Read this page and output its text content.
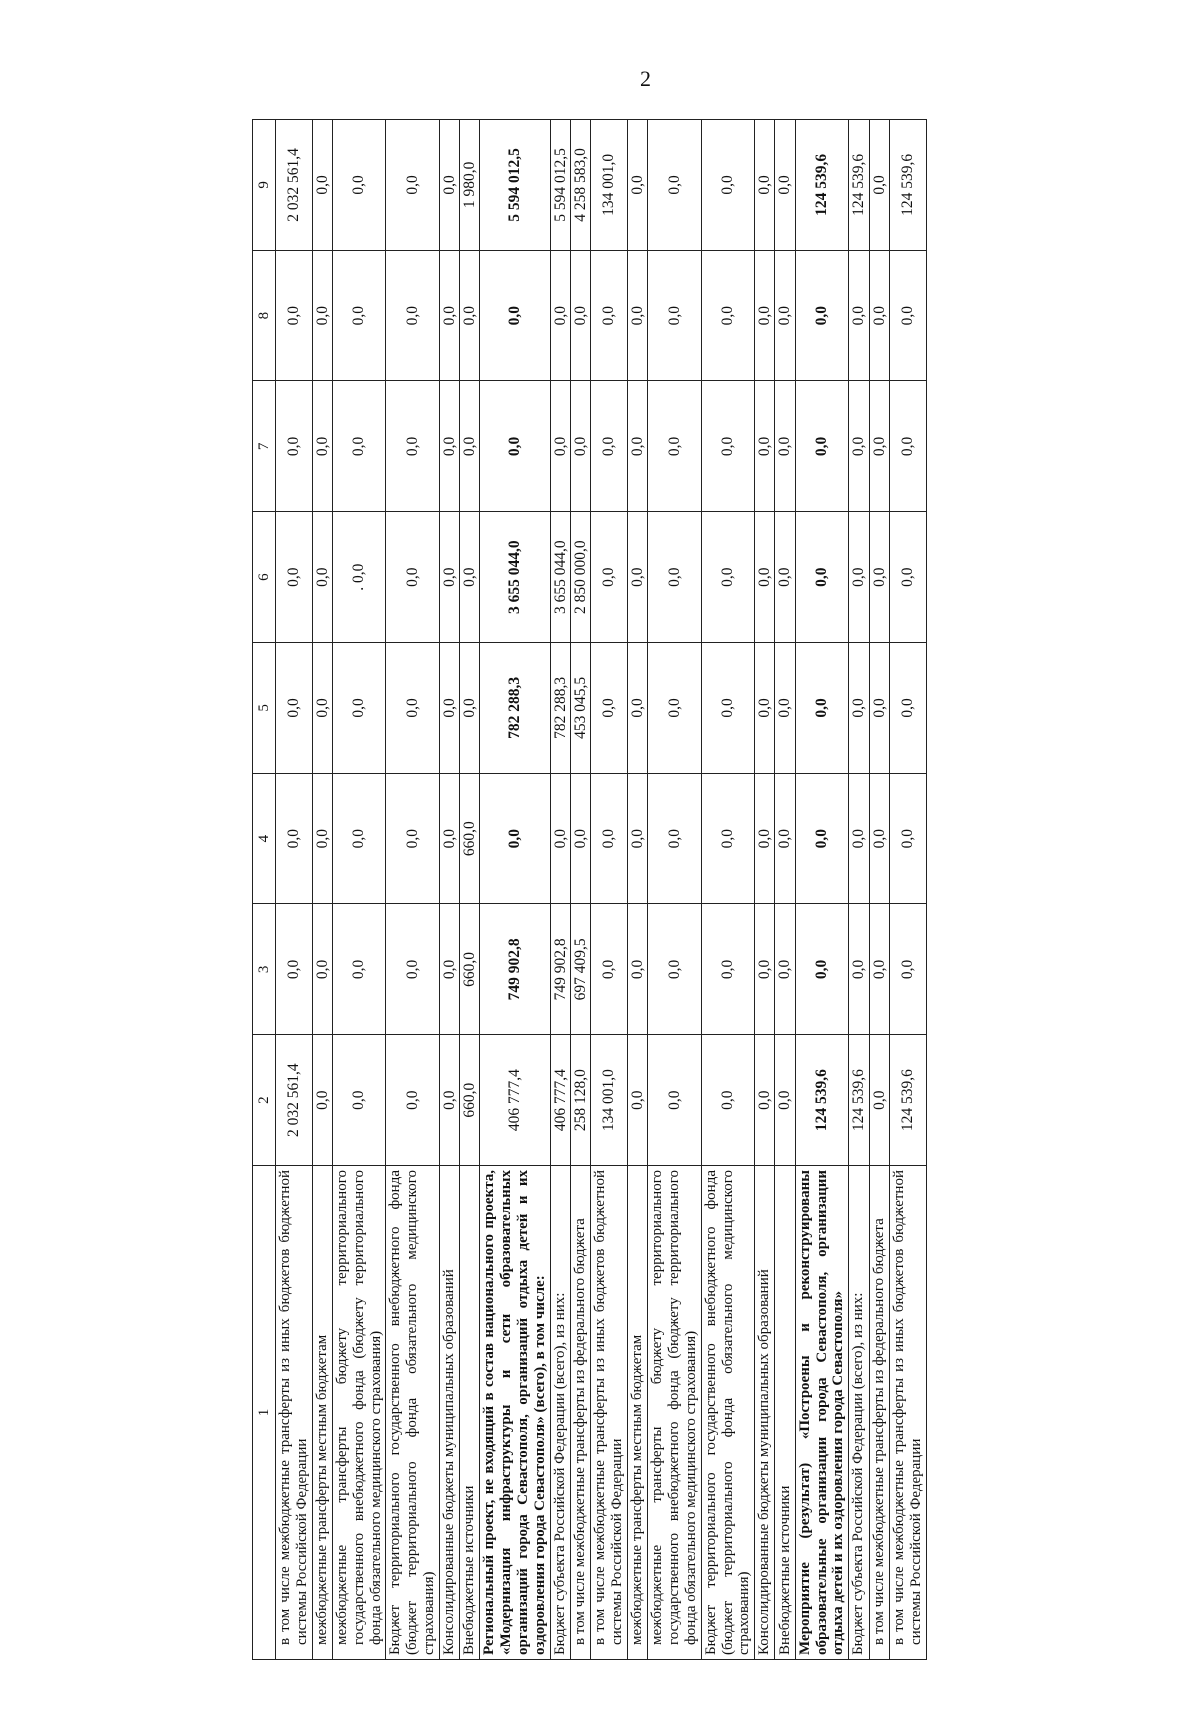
2
1	2	3	4	5	6	7	8	9
в том числе межбюджетные трансферты из иных бюджетов бюджетной системы Российской Федерации	2 032 561,4	0,0	0,0	0,0	0,0	0,0	0,0	2 032 561,4
межбюджетные трансферты местным бюджетам	0,0	0,0	0,0	0,0	0,0	0,0	0,0	0,0
межбюджетные трансферты бюджету территориального государственного внебюджетного фонда (бюджету территориального фонда обязательного медицинского страхования)	0,0	0,0	0,0	0,0	. 0,0	0,0	0,0	0,0
Бюджет территориального государственного внебюджетного фонда (бюджет территориального фонда обязательного медицинского страхования)	0,0	0,0	0,0	0,0	0,0	0,0	0,0	0,0
Консолидированные бюджеты муниципальных образований	0,0	0,0	0,0	0,0	0,0	0,0	0,0	0,0
Внебюджетные источники	660,0	660,0	660,0	0,0	0,0	0,0	0,0	1 980,0
Региональный проект, не входящий в состав национального проекта, «Модернизация инфраструктуры и сети образовательных организаций города Севастополя, организаций отдыха детей и их оздоровления города Севастополя» (всего), в том числе:	406 777,4	749 902,8	0,0	782 288,3	3 655 044,0	0,0	0,0	5 594 012,5
Бюджет субъекта Российской Федерации (всего), из них:	406 777,4	749 902,8	0,0	782 288,3	3 655 044,0	0,0	0,0	5 594 012,5
в том числе межбюджетные трансферты из федерального бюджета	258 128,0	697 409,5	0,0	453 045,5	2 850 000,0	0,0	0,0	4 258 583,0
в том числе межбюджетные трансферты из иных бюджетов бюджетной системы Российской Федерации	134 001,0	0,0	0,0	0,0	0,0	0,0	0,0	134 001,0
межбюджетные трансферты местным бюджетам	0,0	0,0	0,0	0,0	0,0	0,0	0,0	0,0
межбюджетные трансферты бюджету территориального государственного внебюджетного фонда (бюджету территориального фонда обязательного медицинского страхования)	0,0	0,0	0,0	0,0	0,0	0,0	0,0	0,0
Бюджет территориального государственного внебюджетного фонда (бюджет территориального фонда обязательного медицинского страхования)	0,0	0,0	0,0	0,0	0,0	0,0	0,0	0,0
Консолидированные бюджеты муниципальных образований	0,0	0,0	0,0	0,0	0,0	0,0	0,0	0,0
Внебюджетные источники	0,0	0,0	0,0	0,0	0,0	0,0	0,0	0,0
Мероприятие (результат) «Построены и реконструированы образовательные организации города Севастополя, организации отдыха детей и их оздоровления города Севастополя»	124 539,6	0,0	0,0	0,0	0,0	0,0	0,0	124 539,6
Бюджет субъекта Российской Федерации (всего), из них:	124 539,6	0,0	0,0	0,0	0,0	0,0	0,0	124 539,6
в том числе межбюджетные трансферты из федерального бюджета	0,0	0,0	0,0	0,0	0,0	0,0	0,0	0,0
в том числе межбюджетные трансферты из иных бюджетов бюджетной системы Российской Федерации	124 539,6	0,0	0,0	0,0	0,0	0,0	0,0	124 539,6
